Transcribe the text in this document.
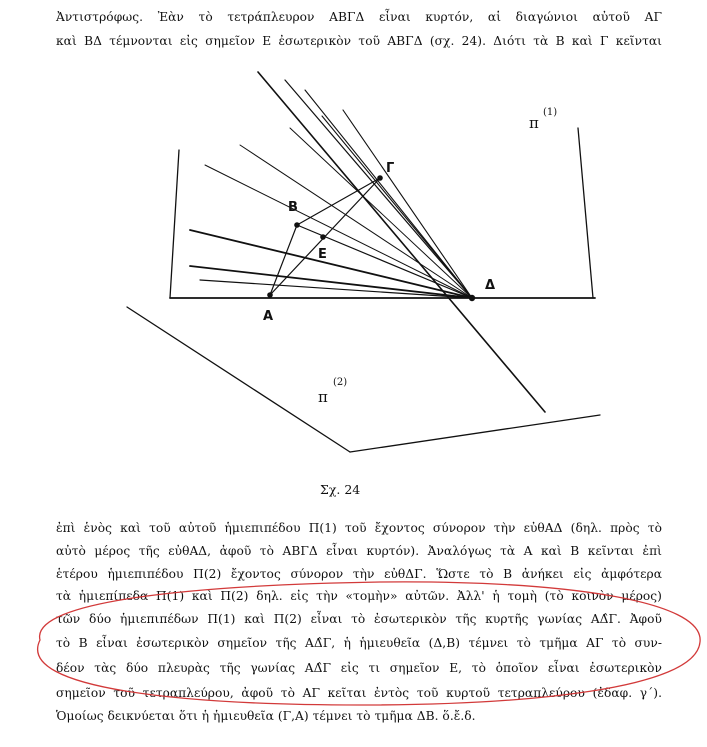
Ἀντιστρόφως. Ἐὰν τὸ τετράπλευρον ΑΒΓΔ εἶναι κυρτόν, αἱ διαγώνιοι αὐτοῦ ΑΓ
καὶ ΒΔ τέμνονται εἰς σημεῖον Ε ἐσωτερικὸν τοῦ ΑΒΓΔ (σχ. 24). Διότι τὰ Β καὶ Γ κεῖνται
Α
Β
Γ
Ε
Δ
π
(1)
π
(2)
Σχ. 24
ἐπὶ ἑνὸς καὶ τοῦ αὐτοῦ ἡμιεπιπέδου Π(1) τοῦ ἔχοντος σύνορον τὴν εὐθΑΔ (δηλ. πρὸς τὸ
αὐτὸ μέρος τῆς εὐθΑΔ, ἀφοῦ τὸ ΑΒΓΔ εἶναι κυρτόν). Ἀναλόγως τὰ Α καὶ Β κεῖνται ἐπὶ
ἑτέρου ἡμιεπιπέδου Π(2) ἔχοντος σύνορον τὴν εὐθΔΓ. Ὥστε τὸ Β ἀνήκει εἰς ἀμφότερα
τὰ ἡμιεπίπεδα Π(1) καὶ Π(2) δηλ. εἰς τὴν «τομὴν» αὐτῶν. Ἀλλ' ἡ τομὴ (τὸ κοινὸν μέρος)
τῶν δύο ἡμιεπιπέδων Π(1) καὶ Π(2) εἶναι τὸ ἐσωτερικὸν τῆς κυρτῆς γωνίας ΑΔ̂Γ. Ἀφοῦ
τὸ Β εἶναι ἐσωτερικὸν σημεῖον τῆς ΑΔ̂Γ, ἡ ἡμιευθεῖα (Δ,Β) τέμνει τὸ τμῆμα ΑΓ τὸ συν-
δέον τὰς δύο πλευρὰς τῆς γωνίας ΑΔ̂Γ εἰς τι σημεῖον Ε, τὸ ὁποῖον εἶναι ἐσωτερικὸν
σημεῖον τοῦ τετραπλεύρου, ἀφοῦ τὸ ΑΓ κεῖται ἐντὸς τοῦ κυρτοῦ τετραπλεύρου (ἐδαφ. γ΄).
Ὁμοίως δεικνύεται ὅτι ἡ ἡμιευθεῖα (Γ,Α) τέμνει τὸ τμῆμα ΔΒ. ὅ.ἔ.δ.
